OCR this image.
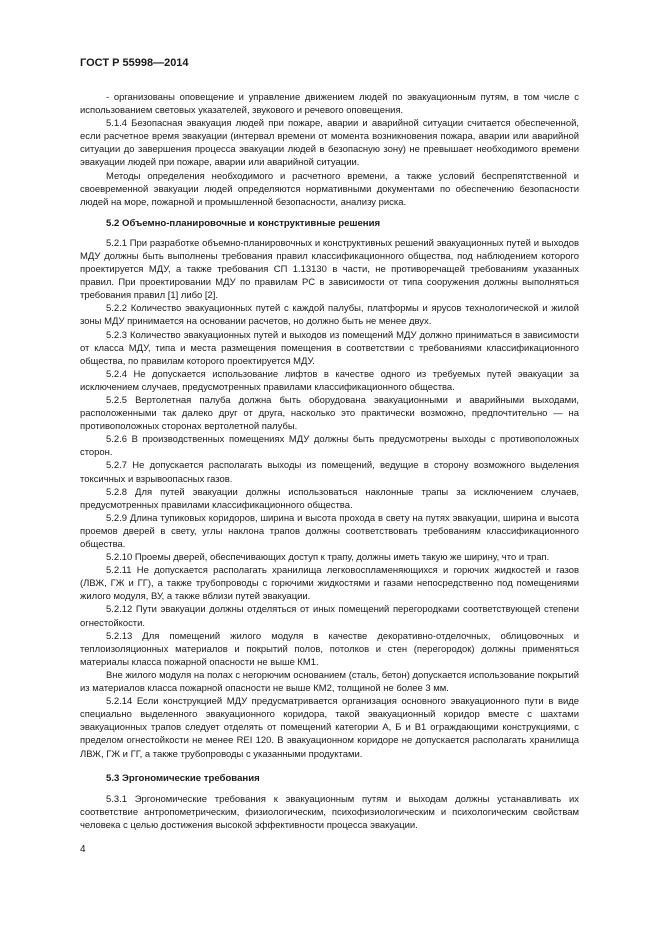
ГОСТ Р 55998—2014

- организованы оповещение и управление движением людей по эвакуационным путям, в том числе с использованием световых указателей, звукового и речевого оповещения.

5.1.4 Безопасная эвакуация людей при пожаре, аварии и аварийной ситуации считается обеспеченной, если расчетное время эвакуации (интервал времени от момента возникновения пожара, аварии или аварийной ситуации до завершения процесса эвакуации людей в безопасную зону) не превышает необходимого времени эвакуации людей при пожаре, аварии или аварийной ситуации.

Методы определения необходимого и расчетного времени, а также условий беспрепятственной и своевременной эвакуации людей определяются нормативными документами по обеспечению безопасности людей на море, пожарной и промышленной безопасности, анализу риска.

5.2 Объемно-планировочные и конструктивные решения

5.2.1 При разработке объемно-планировочных и конструктивных решений эвакуационных путей и выходов МДУ должны быть выполнены требования правил классификационного общества, под наблюдением которого проектируется МДУ, а также требования СП 1.13130 в части, не противоречащей требованиям указанных правил. При проектировании МДУ по правилам РС в зависимости от типа сооружения должны выполняться требования правил [1] либо [2].

5.2.2 Количество эвакуационных путей с каждой палубы, платформы и ярусов технологической и жилой зоны МДУ принимается на основании расчетов, но должно быть не менее двух.

5.2.3 Количество эвакуационных путей и выходов из помещений МДУ должно приниматься в зависимости от класса МДУ, типа и места размещения помещения в соответствии с требованиями классификационного общества, по правилам которого проектируется МДУ.

5.2.4 Не допускается использование лифтов в качестве одного из требуемых путей эвакуации за исключением случаев, предусмотренных правилами классификационного общества.

5.2.5 Вертолетная палуба должна быть оборудована эвакуационными и аварийными выходами, расположенными так далеко друг от друга, насколько это практически возможно, предпочтительно — на противоположных сторонах вертолетной палубы.

5.2.6 В производственных помещениях МДУ должны быть предусмотрены выходы с противоположных сторон.

5.2.7 Не допускается располагать выходы из помещений, ведущие в сторону возможного выделения токсичных и взрывоопасных газов.

5.2.8 Для путей эвакуации должны использоваться наклонные трапы за исключением случаев, предусмотренных правилами классификационного общества.

5.2.9 Длина тупиковых коридоров, ширина и высота прохода в свету на путях эвакуации, ширина и высота проемов дверей в свету, углы наклона трапов должны соответствовать требованиям классификационного общества.

5.2.10 Проемы дверей, обеспечивающих доступ к трапу, должны иметь такую же ширину, что и трап.

5.2.11 Не допускается располагать хранилища легковоспламеняющихся и горючих жидкостей и газов (ЛВЖ, ГЖ и ГГ), а также трубопроводы с горючими жидкостями и газами непосредственно под помещениями жилого модуля, ВУ, а также вблизи путей эвакуации.

5.2.12 Пути эвакуации должны отделяться от иных помещений перегородками соответствующей степени огнестойкости.

5.2.13 Для помещений жилого модуля в качестве декоративно-отделочных, облицовочных и теплоизоляционных материалов и покрытий полов, потолков и стен (перегородок) должны применяться материалы класса пожарной опасности не выше КМ1.

Вне жилого модуля на полах с негорючим основанием (сталь, бетон) допускается использование покрытий из материалов класса пожарной опасности не выше КМ2, толщиной не более 3 мм.

5.2.14 Если конструкцией МДУ предусматривается организация основного эвакуационного пути в виде специально выделенного эвакуационного коридора, такой эвакуационный коридор вместе с шахтами эвакуационных трапов следует отделять от помещений категории А, Б и В1 ограждающими конструкциями, с пределом огнестойкости не менее REI 120. В эвакуационном коридоре не допускается располагать хранилища ЛВЖ, ГЖ и ГГ, а также трубопроводы с указанными продуктами.

5.3 Эргономические требования

5.3.1 Эргономические требования к эвакуационным путям и выходам должны устанавливать их соответствие антропометрическим, физиологическим, психофизиологическим и психологическим свойствам человека с целью достижения высокой эффективности процесса эвакуации.

4
